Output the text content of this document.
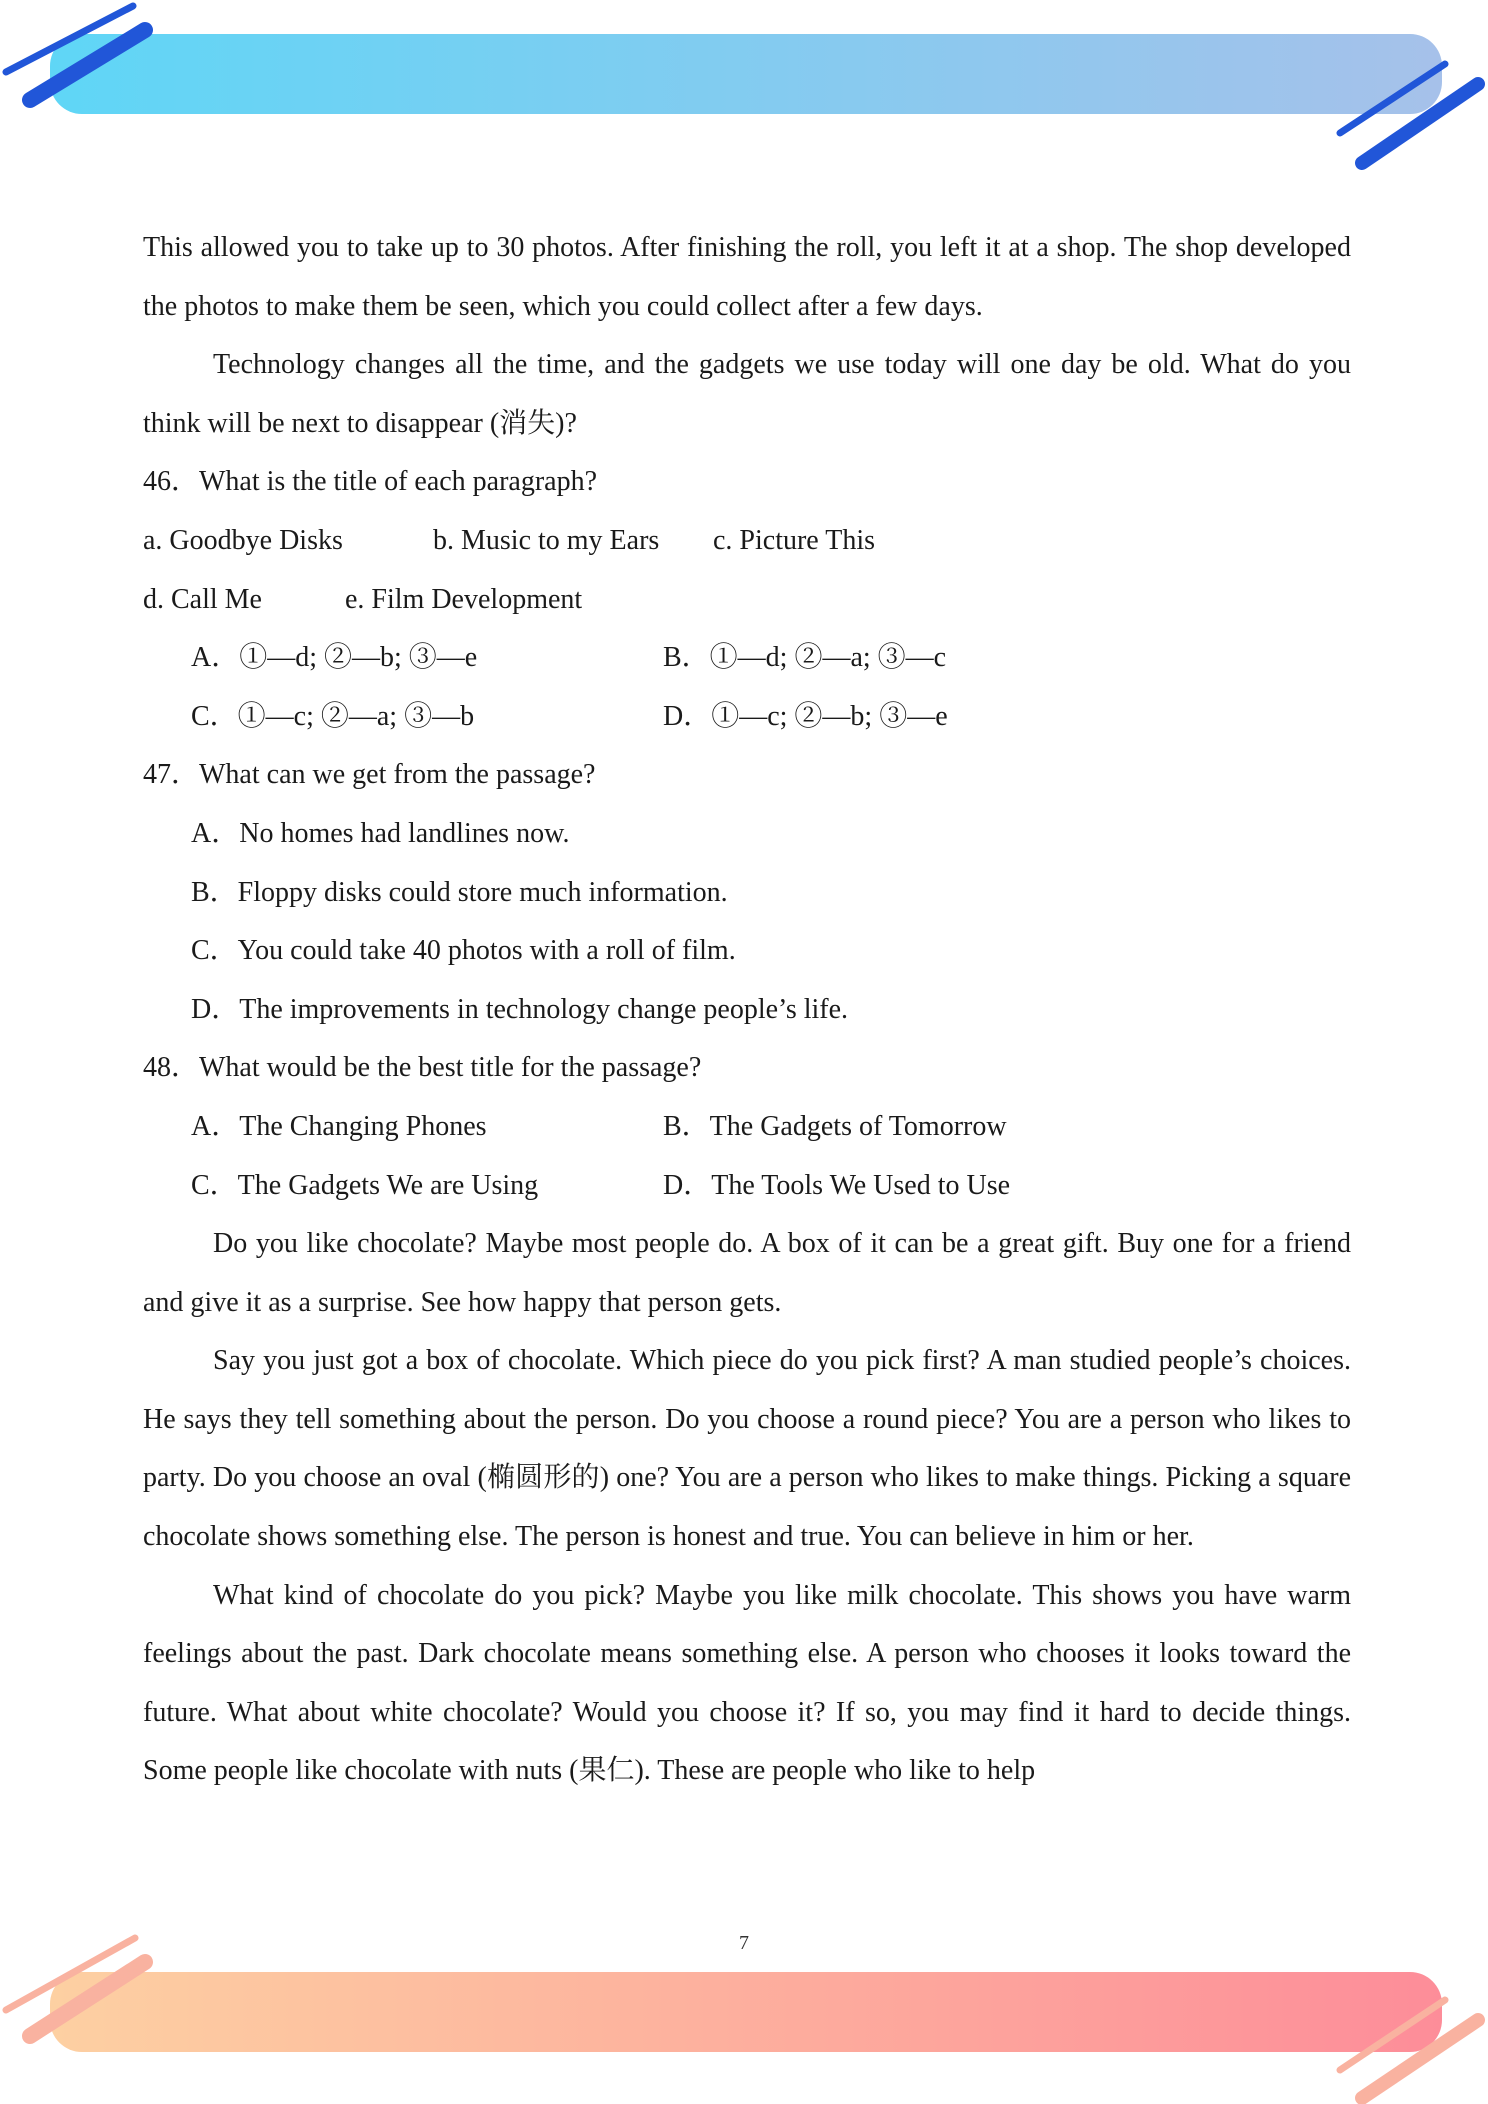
This allowed you to take up to 30 photos. After finishing the roll, you left it at a shop. The shop developed the photos to make them be seen, which you could collect after a few days.

Technology changes all the time, and the gadgets we use today will one day be old. What do you think will be next to disappear (消失)?

46．What is the title of each paragraph?

a. Goodbye Disks	b. Music to my Ears c. Picture This

d. Call Me	e. Film Development

A．①—d; ②—b; ③—e	B．①—d; ②—a; ③—c
C．①—c; ②—a; ③—b	D．①—c; ②—b; ③—e

47．What can we get from the passage?

A．No homes had landlines now.

B．Floppy disks could store much information.

C．You could take 40 photos with a roll of film.

D．The improvements in technology change people’s life.

48．What would be the best title for the passage?

A．The Changing Phones	B．The Gadgets of Tomorrow
C．The Gadgets We are Using	D．The Tools We Used to Use

Do you like chocolate? Maybe most people do. A box of it can be a great gift. Buy one for a friend and give it as a surprise. See how happy that person gets.

Say you just got a box of chocolate. Which piece do you pick first? A man studied people’s choices. He says they tell something about the person. Do you choose a round piece? You are a person who likes to party. Do you choose an oval (椭圆形的) one? You are a person who likes to make things. Picking a square chocolate shows something else. The person is honest and true. You can believe in him or her.

What kind of chocolate do you pick? Maybe you like milk chocolate. This shows you have warm feelings about the past. Dark chocolate means something else. A person who chooses it looks toward the future. What about white chocolate? Would you choose it? If so, you may find it hard to decide things. Some people like chocolate with nuts (果仁). These are people who like to help

7
